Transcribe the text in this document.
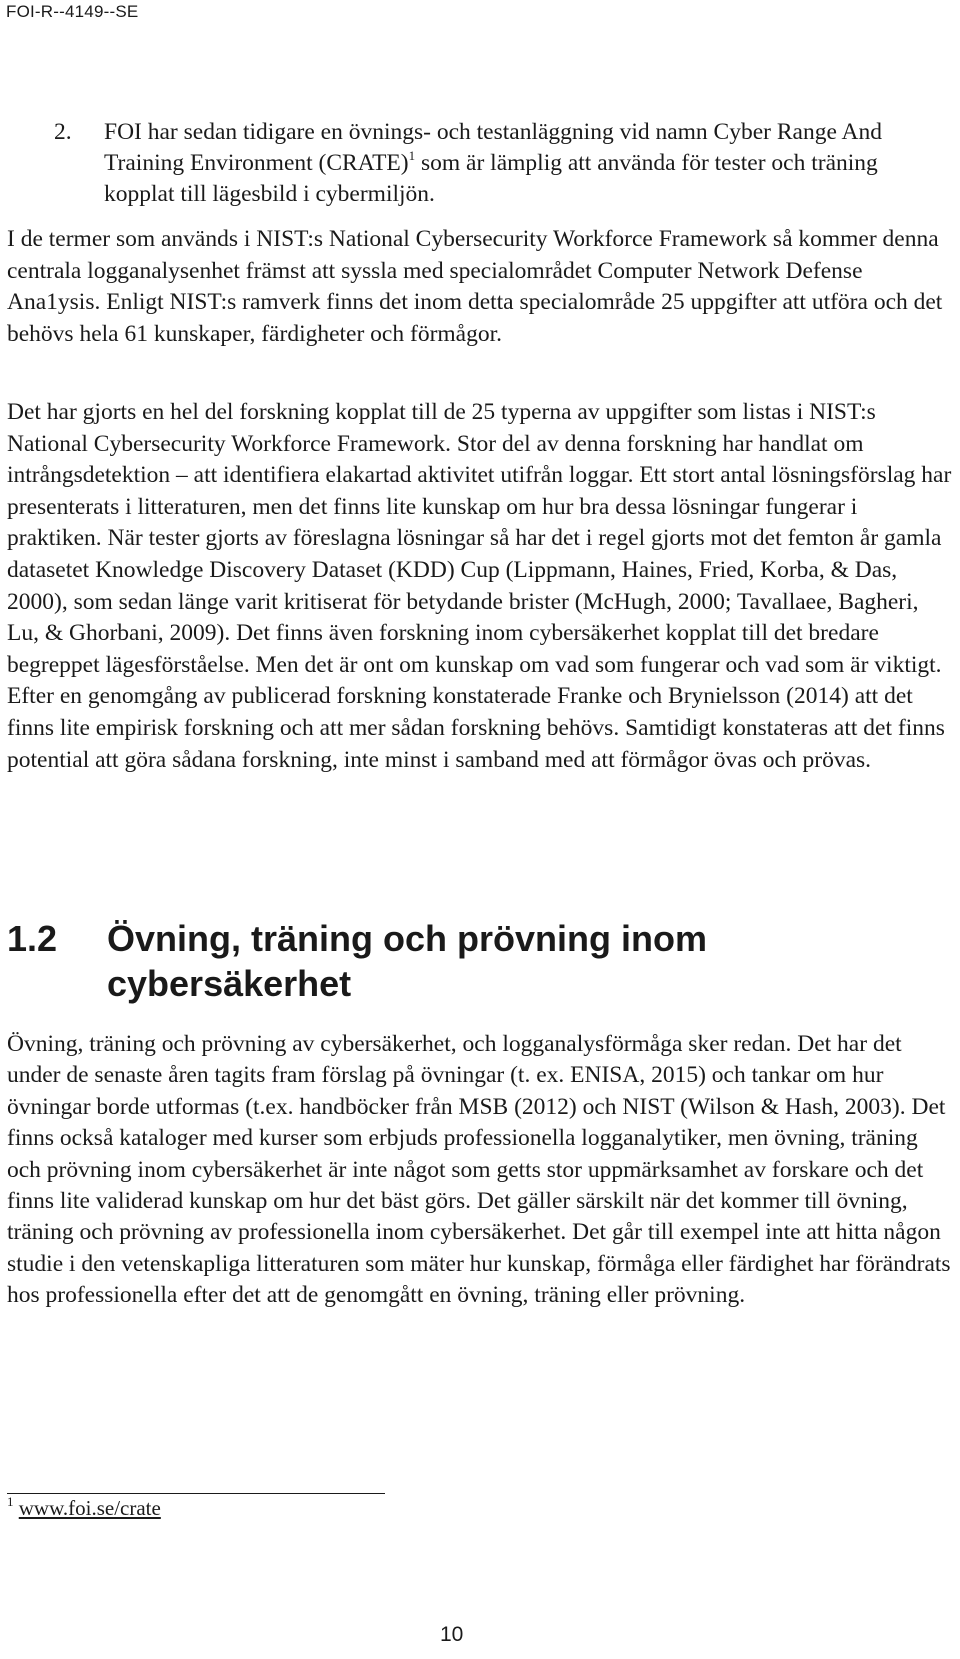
FOI-R--4149--SE
2. FOI har sedan tidigare en övnings- och testanläggning vid namn Cyber Range And Training Environment (CRATE)$^1$ som är lämplig att använda för tester och träning kopplat till lägesbild i cybermiljön.

I de termer som används i NIST:s National Cybersecurity Workforce Framework så kommer denna centrala logganalysenhet främst att syssla med specialområdet Computer Network Defense Ana1ysis. Enligt NIST:s ramverk finns det inom detta specialområde 25 uppgifter att utföra och det behövs hela 61 kunskaper, färdigheter och förmågor.

Det har gjorts en hel del forskning kopplat till de 25 typerna av uppgifter som listas i NIST:s National Cybersecurity Workforce Framework. Stor del av denna forskning har handlat om intrångsdetektion – att identifiera elakartad aktivitet utifrån loggar. Ett stort antal lösningsförslag har presenterats i litteraturen, men det finns lite kunskap om hur bra dessa lösningar fungerar i praktiken. När tester gjorts av föreslagna lösningar så har det i regel gjorts mot det femton år gamla datasetet Knowledge Discovery Dataset (KDD) Cup (Lippmann, Haines, Fried, Korba, & Das, 2000), som sedan länge varit kritiserat för betydande brister (McHugh, 2000; Tavallaee, Bagheri, Lu, & Ghorbani, 2009). Det finns även forskning inom cybersäkerhet kopplat till det bredare begreppet lägesförståelse. Men det är ont om kunskap om vad som fungerar och vad som är viktigt. Efter en genomgång av publicerad forskning konstaterade Franke och Brynielsson (2014) att det finns lite empirisk forskning och att mer sådan forskning behövs. Samtidigt konstateras att det finns potential att göra sådana forskning, inte minst i samband med att förmågor övas och prövas.

1.2 Övning, träning och prövning inom cybersäkerhet

Övning, träning och prövning av cybersäkerhet, och logganalysförmåga sker redan. Det har det under de senaste åren tagits fram förslag på övningar (t. ex. ENISA, 2015) och tankar om hur övningar borde utformas (t.ex. handböcker från MSB (2012) och NIST (Wilson & Hash, 2003). Det finns också kataloger med kurser som erbjuds professionella logganalytiker, men övning, träning och prövning inom cybersäkerhet är inte något som getts stor uppmärksamhet av forskare och det finns lite validerad kunskap om hur det bäst görs. Det gäller särskilt när det kommer till övning, träning och prövning av professionella inom cybersäkerhet. Det går till exempel inte att hitta någon studie i den vetenskapliga litteraturen som mäter hur kunskap, förmåga eller färdighet har förändrats hos professionella efter det att de genomgått en övning, träning eller prövning.

$^1$ www.foi.se/crate
10
